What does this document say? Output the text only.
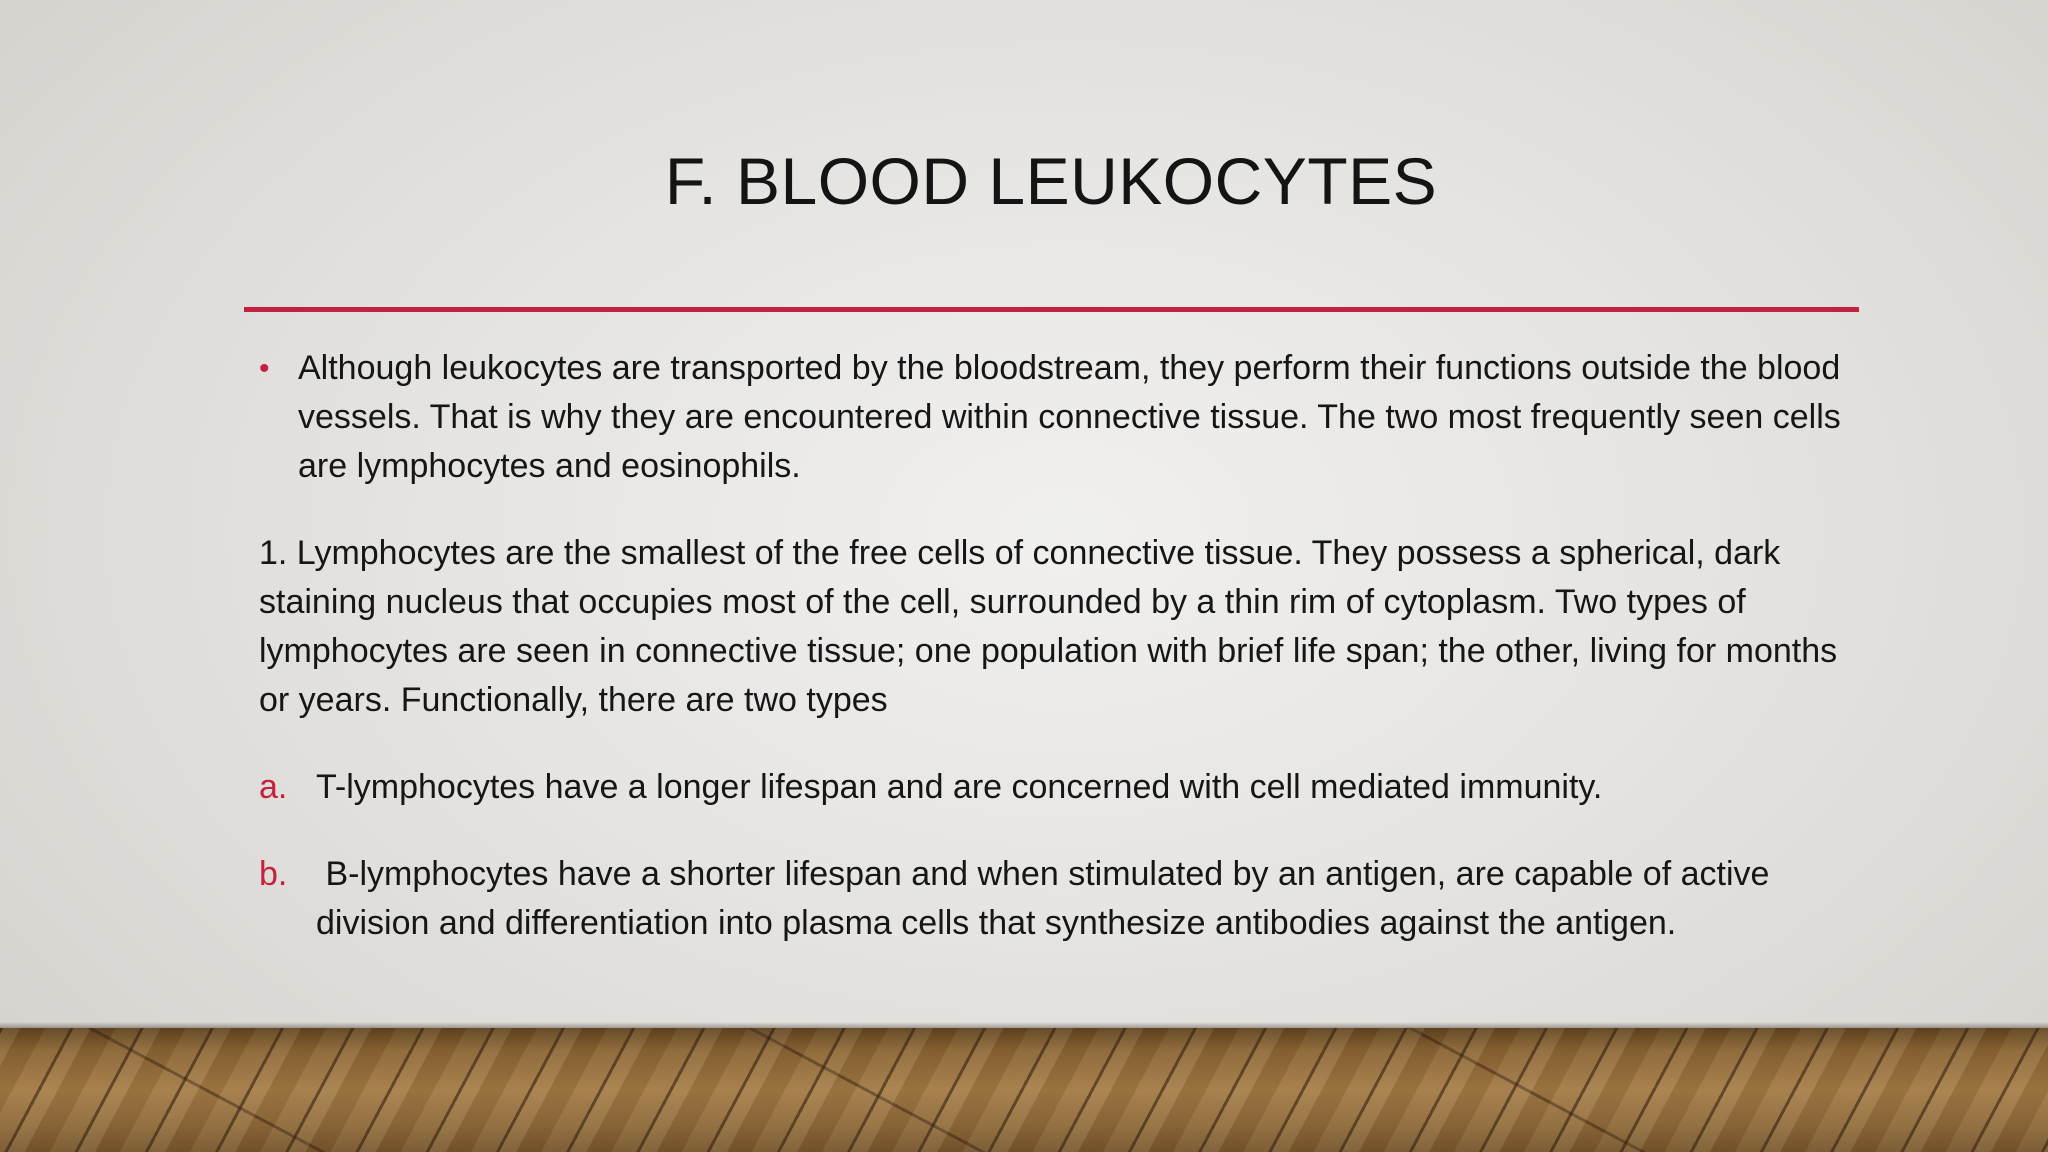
F. BLOOD LEUKOCYTES
• Although leukocytes are transported by the bloodstream, they perform their functions outside the blood vessels. That is why they are encountered within connective tissue. The two most frequently seen cells are lymphocytes and eosinophils.

1. Lymphocytes are the smallest of the free cells of connective tissue. They possess a spherical, dark staining nucleus that occupies most of the cell, surrounded by a thin rim of cytoplasm. Two types of lymphocytes are seen in connective tissue; one population with brief life span; the other, living for months or years. Functionally, there are two types

a. T-lymphocytes have a longer lifespan and are concerned with cell mediated immunity.
b. B-lymphocytes have a shorter lifespan and when stimulated by an antigen, are capable of active division and differentiation into plasma cells that synthesize antibodies against the antigen.
